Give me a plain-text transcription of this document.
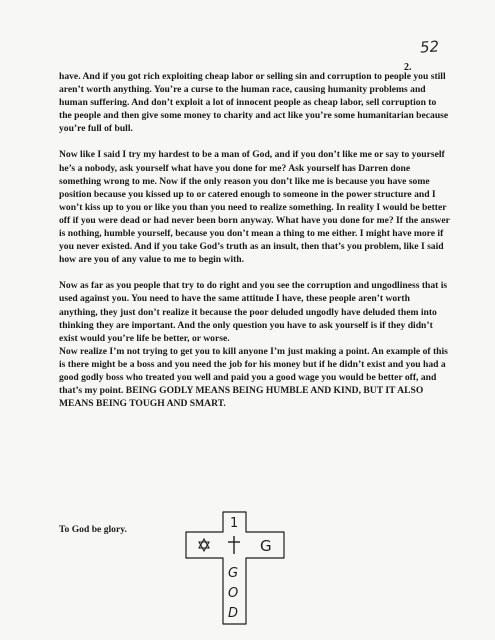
52
2.

have. And if you got rich exploiting cheap labor or selling sin and corruption to people you still aren’t worth anything. You’re a curse to the human race, causing humanity problems and human suffering. And don’t exploit a lot of innocent people as cheap labor, sell corruption to the people and then give some money to charity and act like you’re some humanitarian because you’re full of bull.

Now like I said I try my hardest to be a man of God, and if you don’t like me or say to yourself he’s a nobody, ask yourself what have you done for me? Ask yourself has Darren done something wrong to me. Now if the only reason you don’t like me is because you have some position because you kissed up to or catered enough to someone in the power structure and I won’t kiss up to you or like you than you need to realize something. In reality I would be better off if you were dead or had never been born anyway. What have you done for me? If the answer is nothing, humble yourself, because you don’t mean a thing to me either. I might have more if you never existed. And if you take God’s truth as an insult, then that’s you problem, like I said how are you of any value to me to begin with.

Now as far as you people that try to do right and you see the corruption and ungodliness that is used against you. You need to have the same attitude I have, these people aren’t worth anything, they just don’t realize it because the poor deluded ungodly have deluded them into thinking they are important. And the only question you have to ask yourself is if they didn’t exist would you’re life be better, or worse.

Now realize I’m not trying to get you to kill anyone I’m just making a point. An example of this is there might be a boss and you need the job for his money but if he didn’t exist and you had a good godly boss who treated you well and paid you a good wage you would be better off, and that’s my point. BEING GODLY MEANS BEING HUMBLE AND KIND, BUT IT ALSO MEANS BEING TOUGH AND SMART.

To God be glory.	1
G
G
O
D
